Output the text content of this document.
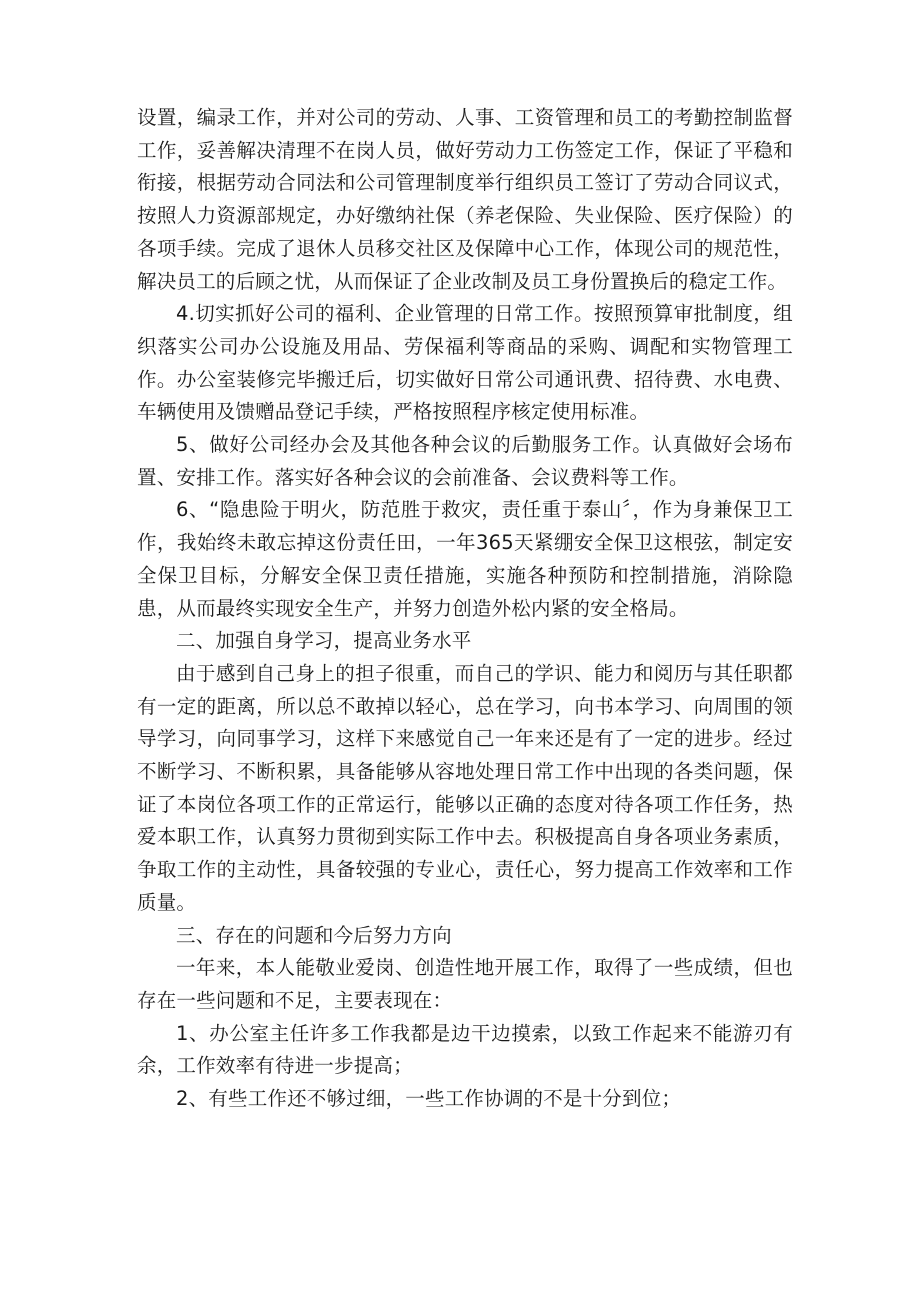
设置，编录工作，并对公司的劳动、人事、工资管理和员工的考勤控制监督工作，妥善解决清理不在岗人员，做好劳动力工伤签定工作，保证了平稳和衔接，根据劳动合同法和公司管理制度举行组织员工签订了劳动合同议式，按照人力资源部规定，办好缴纳社保（养老保险、失业保险、医疗保险）的各项手续。完成了退休人员移交社区及保障中心工作，体现公司的规范性，解决员工的后顾之忧，从而保证了企业改制及员工身份置换后的稳定工作。

4.切实抓好公司的福利、企业管理的日常工作。按照预算审批制度，组织落实公司办公设施及用品、劳保福利等商品的采购、调配和实物管理工作。办公室装修完毕搬迁后，切实做好日常公司通讯费、招待费、水电费、车辆使用及馈赠品登记手续，严格按照程序核定使用标准。

5、做好公司经办会及其他各种会议的后勤服务工作。认真做好会场布置、安排工作。落实好各种会议的会前准备、会议费料等工作。

6、“隐患险于明火，防范胜于救灾，责任重于泰山〞，作为身兼保卫工作，我始终未敢忘掉这份责任田，一年365天紧绷安全保卫这根弦，制定安全保卫目标，分解安全保卫责任措施，实施各种预防和控制措施，消除隐患，从而最终实现安全生产，并努力创造外松内紧的安全格局。

二、加强自身学习，提高业务水平

由于感到自己身上的担子很重，而自己的学识、能力和阅历与其任职都有一定的距离，所以总不敢掉以轻心，总在学习，向书本学习、向周围的领导学习，向同事学习，这样下来感觉自己一年来还是有了一定的进步。经过不断学习、不断积累，具备能够从容地处理日常工作中出现的各类问题，保证了本岗位各项工作的正常运行，能够以正确的态度对待各项工作任务，热爱本职工作，认真努力贯彻到实际工作中去。积极提高自身各项业务素质，争取工作的主动性，具备较强的专业心，责任心，努力提高工作效率和工作质量。

三、存在的问题和今后努力方向

一年来，本人能敬业爱岗、创造性地开展工作，取得了一些成绩，但也存在一些问题和不足，主要表现在：

1、办公室主任许多工作我都是边干边摸索，以致工作起来不能游刃有余，工作效率有待进一步提高；

2、有些工作还不够过细，一些工作协调的不是十分到位；
